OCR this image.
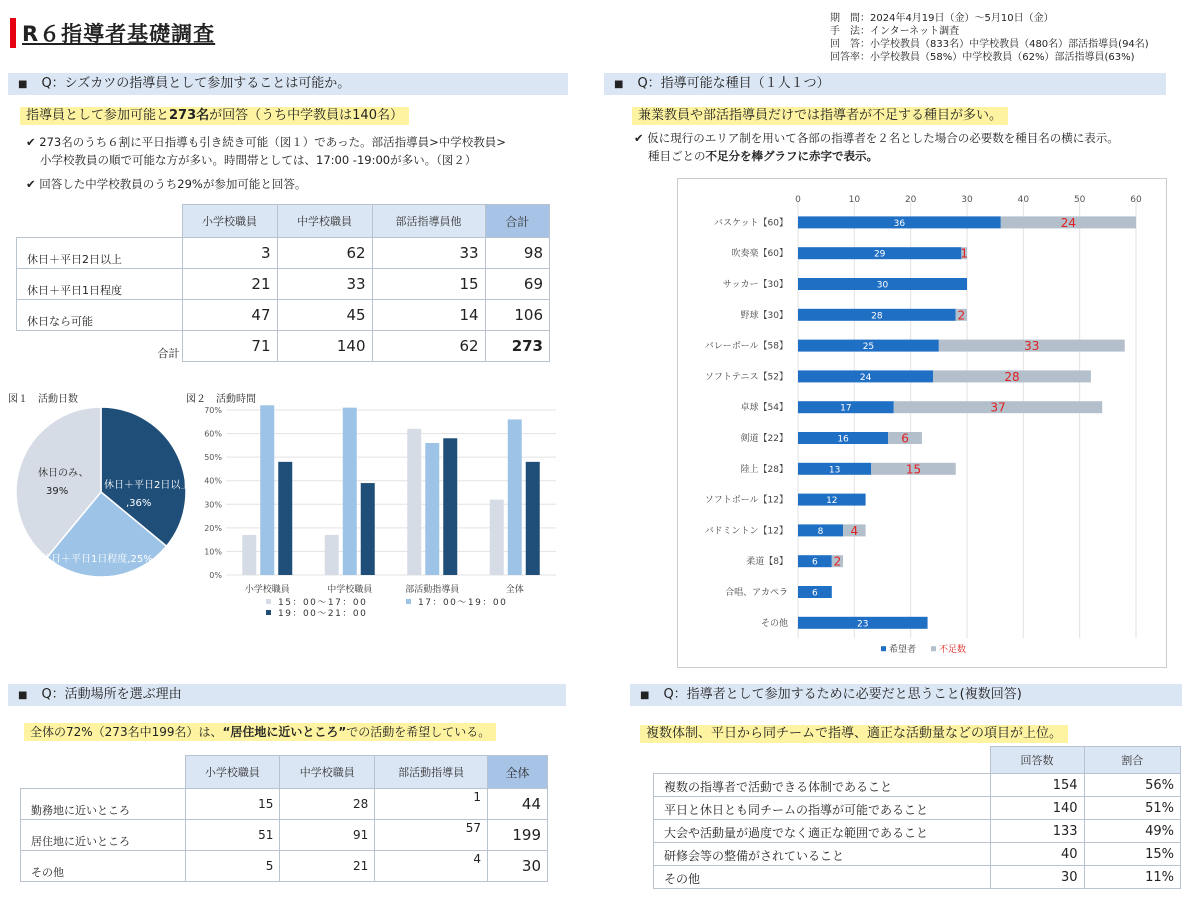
R６指導者基礎調査
期　間：2024年4月19日（金）～5月10日（金）
手　法：インターネット調査
回　答：小学校教員（833名）中学校教員（480名）部活指導員(94名)
回答率：小学校教員（58%）中学校教員（62%）部活指導員(63%)
■ Q：シズカツの指導員として参加することは可能か。
指導員として参加可能と273名が回答（うち中学教員は140名）
✔ 273名のうち６割に平日指導も引き続き可能（図１）であった。部活指導員>中学校教員>
小学校教員の順で可能な方が多い。時間帯としては、17:00 -19:00が多い。（図２）
✔ 回答した中学校教員のうち29%が参加可能と回答。
	小学校職員	中学校職員	部活指導員他	合計
休日＋平日2日以上	3	62	33	98
休日＋平日1日程度	21	33	15	69
休日なら可能	47	45	14	106
合計	71	140	62	273
図１　活動日数	図２　活動時間
休日＋平日2日以上
,36%
休日＋平日1日程度,25%
休日のみ、
39%
0%
10%
20%
30%
40%
50%
60%
70%
小学校職員	中学校職員	部活動指導員	全体
15：00～17：00	17：00～19：00
19：00～21：00
■ Q：指導可能な種目（１人１つ）
兼業教員や部活指導員だけでは指導者が不足する種目が多い。
✔ 仮に現行のエリア制を用いて各部の指導者を２名とした場合の必要数を種目名の横に表示。
種目ごとの不足分を棒グラフに赤字で表示。
0	10	20	30	40	50	60
バスケット【60】	36	24
吹奏楽【60】	29	1
サッカー【30】	30
野球【30】	28	2
バレーボール【58】	25	33
ソフトテニス【52】	24	28
卓球【54】	17	37
剣道【22】	16	6
陸上【28】	13	15
ソフトボール【12】	12
バドミントン【12】	8 4
柔道【8】	6 2
合唱、アカペラ	6
その他	23
希望者	不足数
■ Q：活動場所を選ぶ理由
全体の72%（273名中199名）は、“居住地に近いところ”での活動を希望している。
	小学校職員	中学校職員	部活動指導員	全体
勤務地に近いところ	15	28	1	44
居住地に近いところ	51	91	57	199
その他	5	21	4	30
■ Q：指導者として参加するために必要だと思うこと(複数回答)
複数体制、平日から同チームで指導、適正な活動量などの項目が上位。
	回答数	割合
複数の指導者で活動できる体制であること	154	56%
平日と休日とも同チームの指導が可能であること	140	51%
大会や活動量が過度でなく適正な範囲であること	133	49%
研修会等の整備がされていること	40	15%
その他	30	11%
